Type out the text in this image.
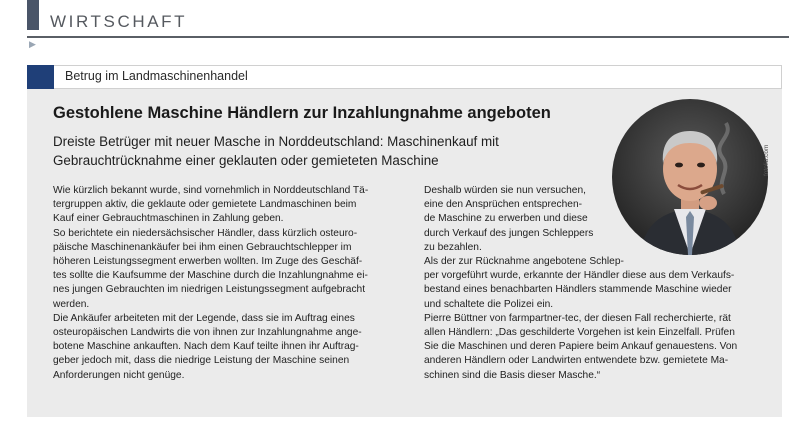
WIRTSCHAFT
▶
Betrug im Landmaschinenhandel
Gestohlene Maschine Händlern zur Inzahlungnahme angeboten
Dreiste Betrüger mit neuer Masche in Norddeutschland: Maschinenkauf mit Gebrauchtrücknahme einer geklauten oder gemieteten Maschine

Wie kürzlich bekannt wurde, sind vornehmlich in Norddeutschland Tä-
tergruppen aktiv, die geklaute oder gemietete Landmaschinen beim
Kauf einer Gebrauchtmaschinen in Zahlung geben.

So berichtete ein niedersächsischer Händler, dass kürzlich osteuro-
päische Maschinenankäufer bei ihm einen Gebrauchtschlepper im
höheren Leistungssegment erwerben wollten. Im Zuge des Geschäf-
tes sollte die Kaufsumme der Maschine durch die Inzahlungnahme ei-
nes jungen Gebrauchten im niedrigen Leistungssegment aufgebracht
werden.

Die Ankäufer arbeiteten mit der Legende, dass sie im Auftrag eines
osteuropäischen Landwirts die von ihnen zur Inzahlungnahme ange-
botene Maschine ankauften. Nach dem Kauf teilte ihnen ihr Auftrag-
geber jedoch mit, dass die niedrige Leistung der Maschine seinen
Anforderungen nicht genüge.

Deshalb würden sie nun versuchen,
eine den Ansprüchen entsprechen-
de Maschine zu erwerben und diese
durch Verkauf des jungen Schleppers
zu bezahlen.

Als der zur Rücknahme angebotene Schlep-
per vorgeführt wurde, erkannte der Händler diese aus dem Verkaufs-
bestand eines benachbarten Händlers stammende Maschine wieder
und schaltete die Polizei ein.

Pierre Büttner von farmpartner-tec, der diesen Fall recherchierte, rät
allen Händlern: „Das geschilderte Vorgehen ist kein Einzelfall. Prüfen
Sie die Maschinen und deren Papiere beim Ankauf genauestens. Von
anderen Händlern oder Landwirten entwendete bzw. gemietete Ma-
schinen sind die Basis dieser Masche.“

fotolia.com
